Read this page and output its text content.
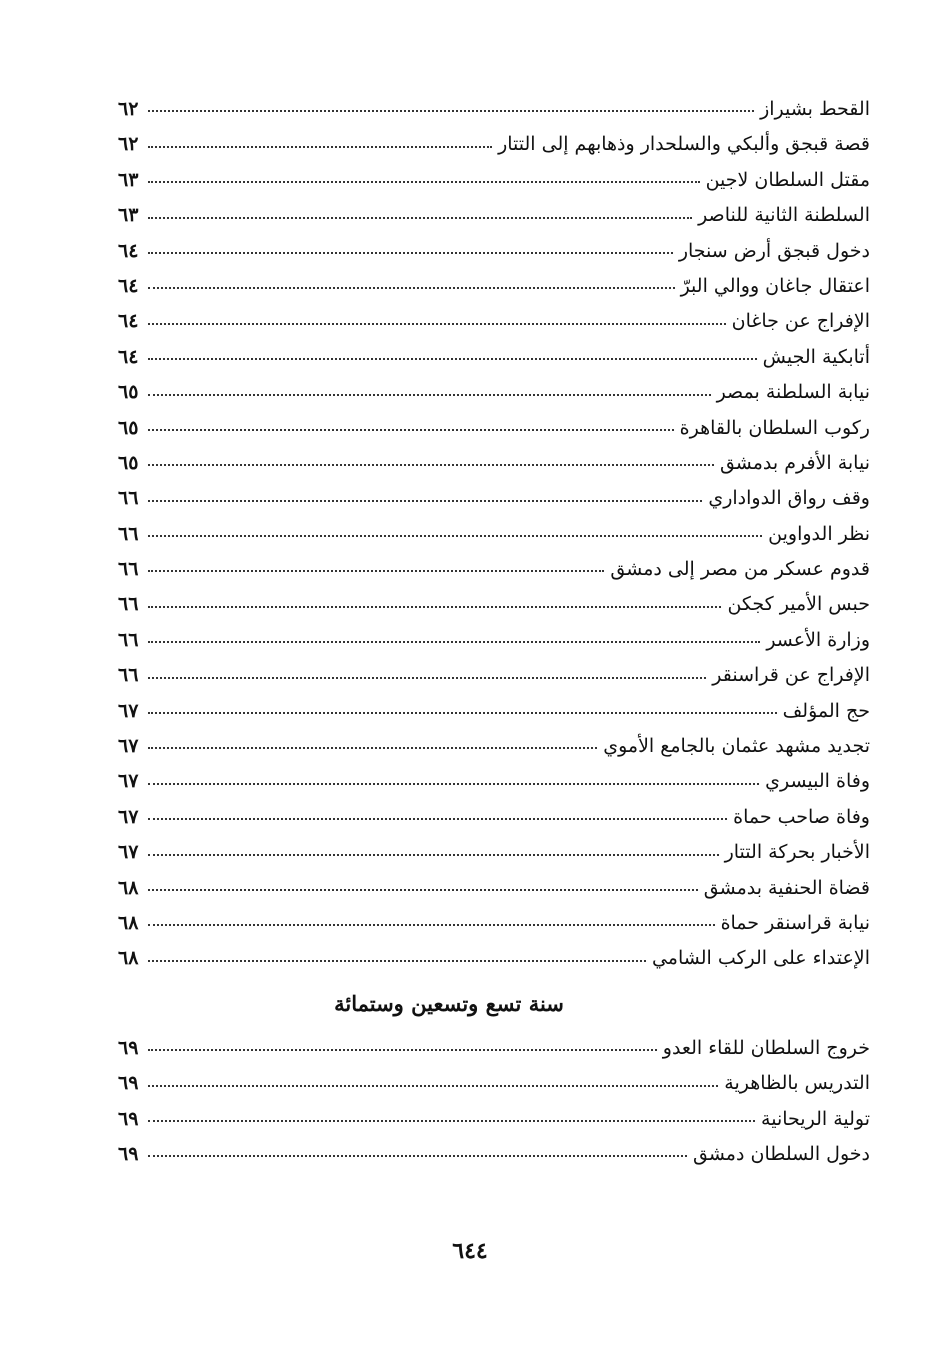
القحط بشيراز
٦٢
قصة قبجق وألبكي والسلحدار وذهابهم إلى التتار
٦٢
مقتل السلطان لاجين
٦٣
السلطنة الثانية للناصر
٦٣
دخول قبجق أرض سنجار
٦٤
اعتقال جاغان ووالي البرّ
٦٤
الإفراج عن جاغان
٦٤
أتابكية الجيش
٦٤
نيابة السلطنة بمصر
٦٥
ركوب السلطان بالقاهرة
٦٥
نيابة الأفرم بدمشق
٦٥
وقف رواق الدواداري
٦٦
نظر الدواوين
٦٦
قدوم عسكر من مصر إلى دمشق
٦٦
حبس الأمير كجكن
٦٦
وزارة الأعسر
٦٦
الإفراج عن قراسنقر
٦٦
حج المؤلف
٦٧
تجديد مشهد عثمان بالجامع الأموي
٦٧
وفاة البيسري
٦٧
وفاة صاحب حماة
٦٧
الأخبار بحركة التتار
٦٧
قضاة الحنفية بدمشق
٦٨
نيابة قراسنقر حماة
٦٨
الإعتداء على الركب الشامي
٦٨
سنة تسع وتسعين وستمائة
خروج السلطان للقاء العدو
٦٩
التدريس بالظاهرية
٦٩
تولية الريحانية
٦٩
دخول السلطان دمشق
٦٩
٦٤٤
